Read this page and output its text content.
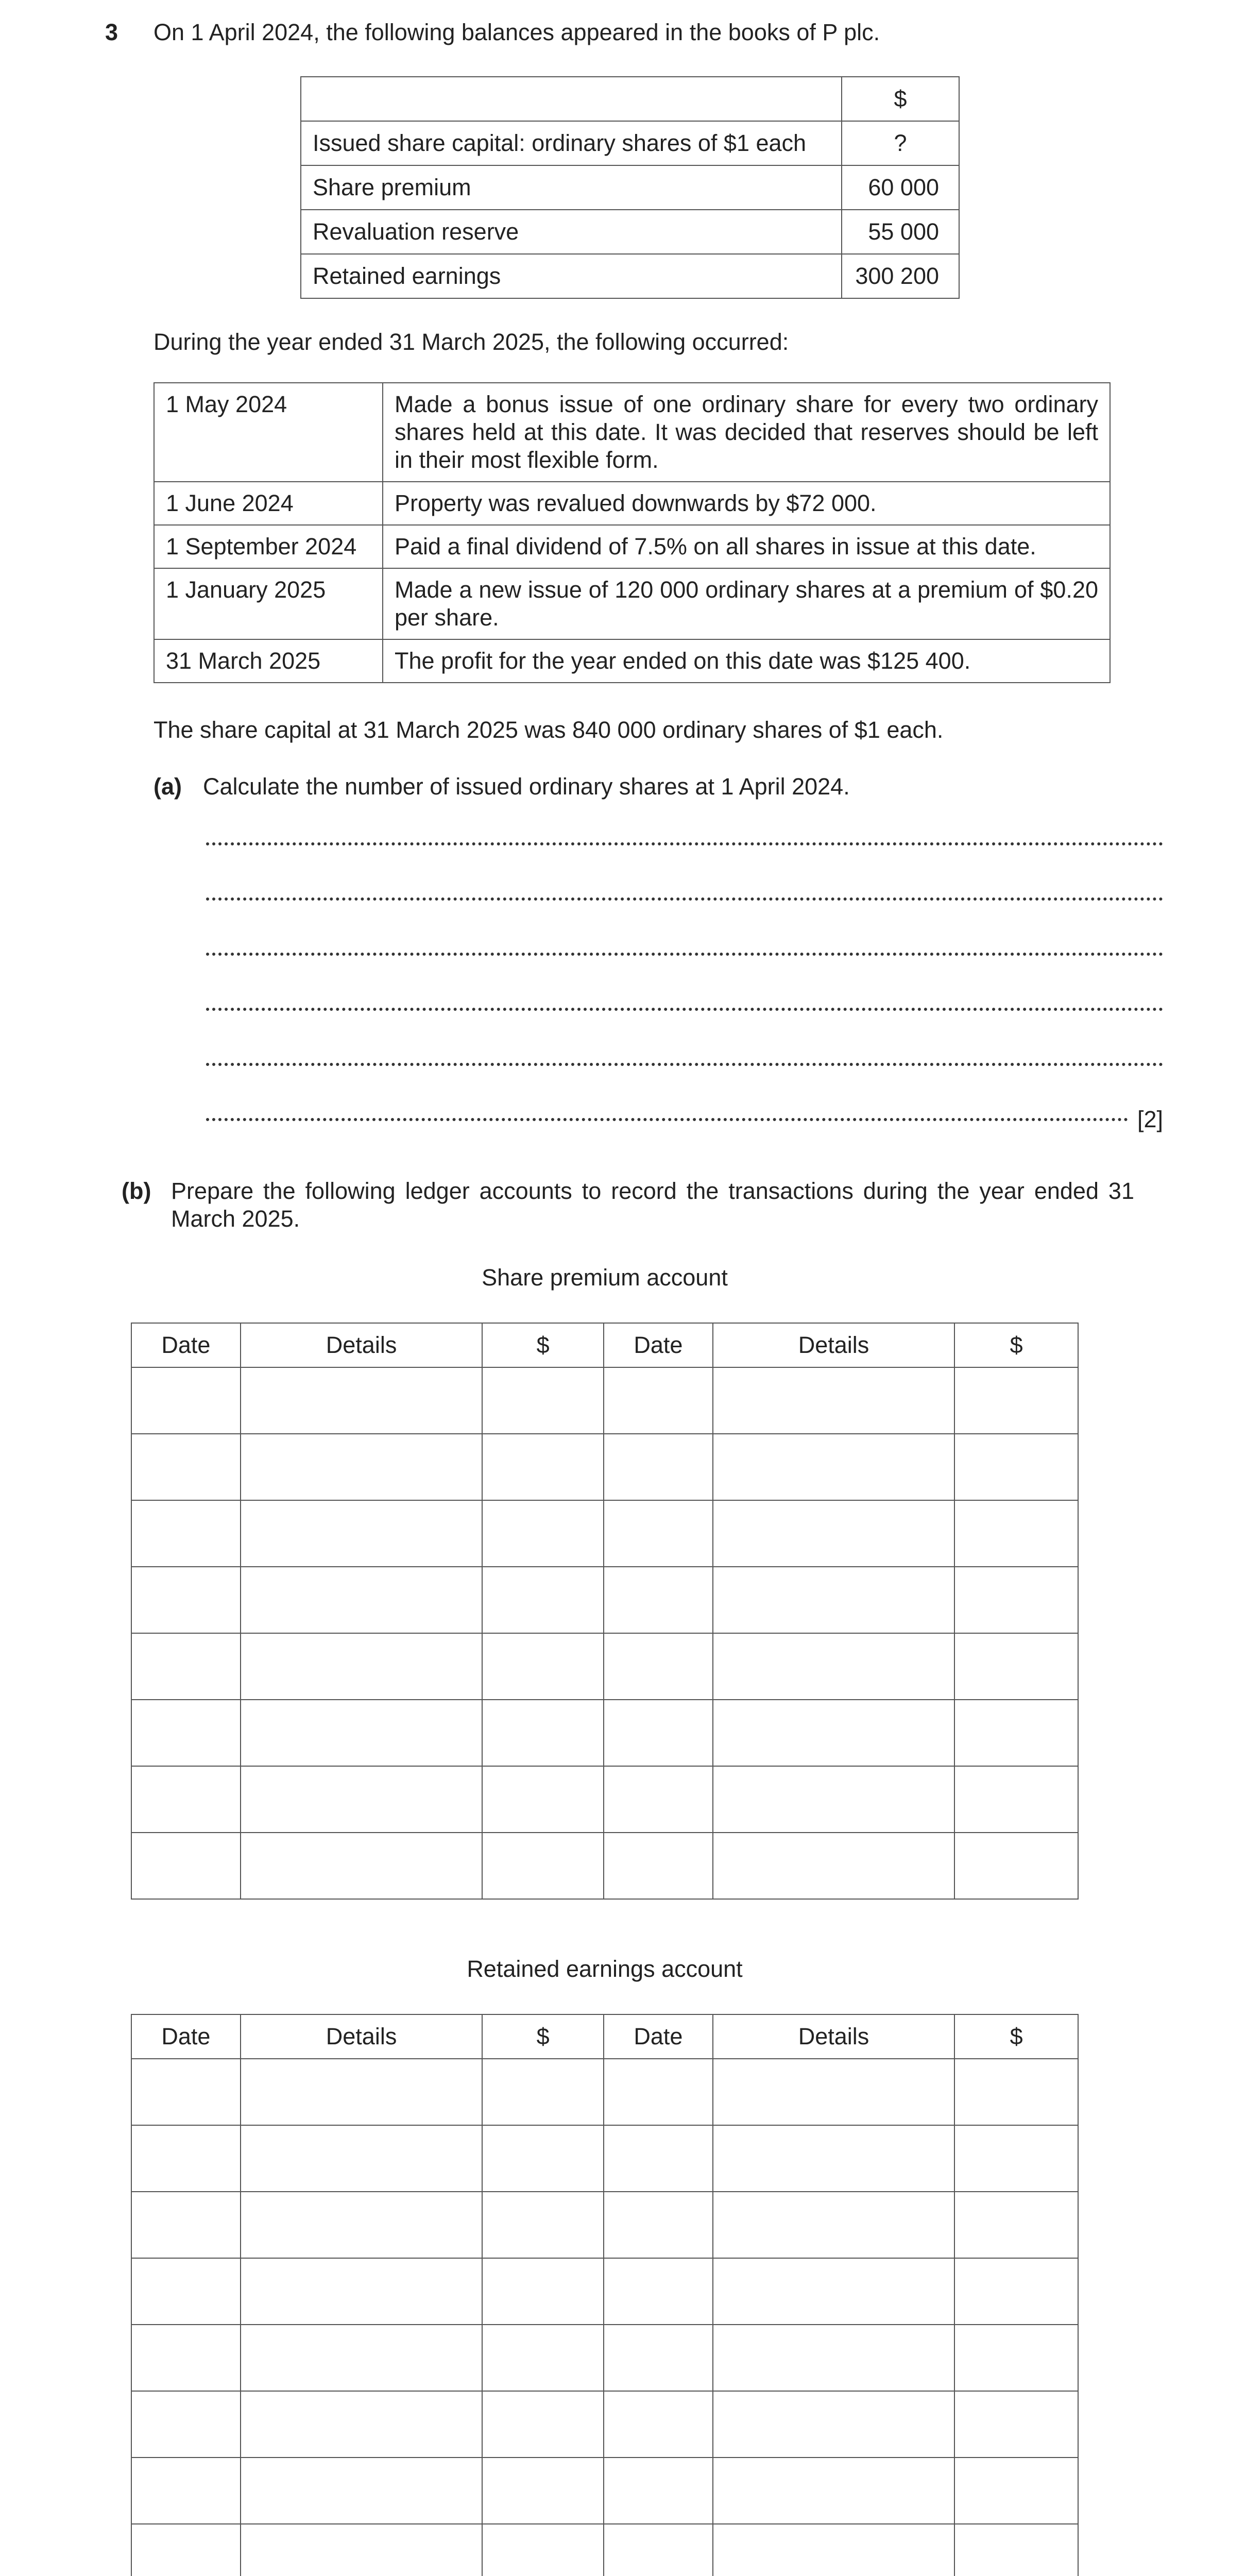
3 On 1 April 2024, the following balances appeared in the books of P plc.
	$
Issued share capital: ordinary shares of $1 each	?
Share premium	60 000
Revaluation reserve	55 000
Retained earnings	300 200
During the year ended 31 March 2025, the following occurred:
1 May 2024	Made a bonus issue of one ordinary share for every two ordinary shares held at this date. It was decided that reserves should be left in their most flexible form.
1 June 2024	Property was revalued downwards by $72 000.
1 September 2024	Paid a final dividend of 7.5% on all shares in issue at this date.
1 January 2025	Made a new issue of 120 000 ordinary shares at a premium of $0.20 per share.
31 March 2025	The profit for the year ended on this date was $125 400.
The share capital at 31 March 2025 was 840 000 ordinary shares of $1 each.
(a) Calculate the number of issued ordinary shares at 1 April 2024.
[2]
(b) Prepare the following ledger accounts to record the transactions during the year ended 31 March 2025.
Share premium account
Date	Details	$	Date	Details	$

Retained earnings account
Date	Details	$	Date	Details	$
